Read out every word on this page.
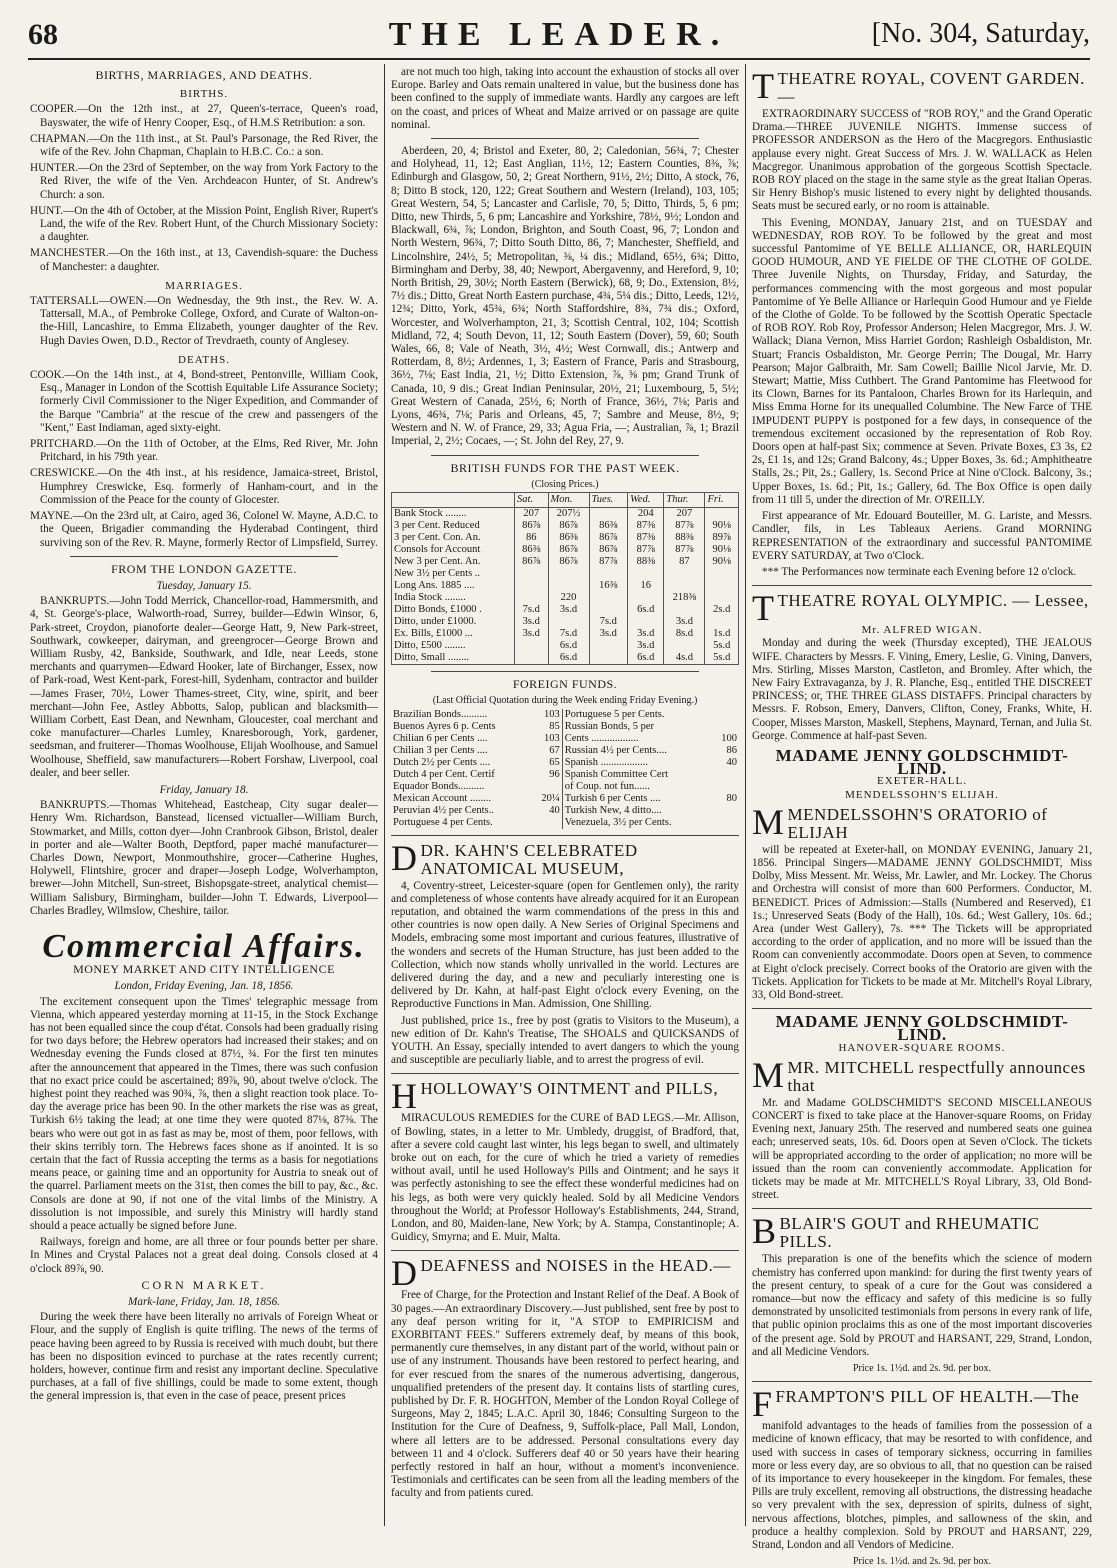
68	THE LEADER.	[No. 304, Saturday,
BIRTHS, MARRIAGES, AND DEATHS.
BIRTHS.

COOPER.—On the 12th inst., at 27, Queen's-terrace, Queen's road, Bayswater, the wife of Henry Cooper, Esq., of H.M.S Retribution: a son.

CHAPMAN.—On the 11th inst., at St. Paul's Parsonage, the Red River, the wife of the Rev. John Chapman, Chaplain to H.B.C. Co.: a son.

HUNTER.—On the 23rd of September, on the way from York Factory to the Red River, the wife of the Ven. Archdeacon Hunter, of St. Andrew's Church: a son.

HUNT.—On the 4th of October, at the Mission Point, English River, Rupert's Land, the wife of the Rev. Robert Hunt, of the Church Missionary Society: a daughter.

MANCHESTER.—On the 16th inst., at 13, Cavendish-square: the Duchess of Manchester: a daughter.

MARRIAGES.

TATTERSALL—OWEN.—On Wednesday, the 9th inst., the Rev. W. A. Tattersall, M.A., of Pembroke College, Oxford, and Curate of Walton-on-the-Hill, Lancashire, to Emma Elizabeth, younger daughter of the Rev. Hugh Davies Owen, D.D., Rector of Trevdraeth, county of Anglesey.

DEATHS.

COOK.—On the 14th inst., at 4, Bond-street, Pentonville, William Cook, Esq., Manager in London of the Scottish Equitable Life Assurance Society; formerly Civil Commissioner to the Niger Expedition, and Commander of the Barque "Cambria" at the rescue of the crew and passengers of the "Kent," East Indiaman, aged sixty-eight.

PRITCHARD.—On the 11th of October, at the Elms, Red River, Mr. John Pritchard, in his 79th year.

CRESWICKE.—On the 4th inst., at his residence, Jamaica-street, Bristol, Humphrey Creswicke, Esq. formerly of Hanham-court, and in the Commission of the Peace for the county of Glocester.

MAYNE.—On the 23rd ult, at Cairo, aged 36, Colonel W. Mayne, A.D.C. to the Queen, Brigadier commanding the Hyderabad Contingent, third surviving son of the Rev. R. Mayne, formerly Rector of Limpsfield, Surrey.

FROM THE LONDON GAZETTE.
Tuesday, January 15.

BANKRUPTS.—John Todd Merrick, Chancellor-road, Hammersmith, and 4, St. George's-place, Walworth-road, Surrey, builder—Edwin Winsor, 6, Park-street, Croydon, pianoforte dealer—George Hatt, 9, New Park-street, Southwark, cowkeeper, dairyman, and greengrocer—George Brown and William Rusby, 42, Bankside, Southwark, and Idle, near Leeds, stone merchants and quarrymen—Edward Hooker, late of Birchanger, Essex, now of Park-road, West Kent-park, Forest-hill, Sydenham, contractor and builder—James Fraser, 70½, Lower Thames-street, City, wine, spirit, and beer merchant—John Fee, Astley Abbotts, Salop, publican and blacksmith—William Corbett, East Dean, and Newnham, Gloucester, coal merchant and coke manufacturer—Charles Lumley, Knaresborough, York, gardener, seedsman, and fruiterer—Thomas Woolhouse, Elijah Woolhouse, and Samuel Woolhouse, Sheffield, saw manufacturers—Robert Forshaw, Liverpool, coal dealer, and beer seller.

Friday, January 18.

BANKRUPTS.—Thomas Whitehead, Eastcheap, City sugar dealer—Henry Wm. Richardson, Banstead, licensed victualler—William Burch, Stowmarket, and Mills, cotton dyer—John Cranbrook Gibson, Bristol, dealer in porter and ale—Walter Booth, Deptford, paper maché manufacturer—Charles Down, Newport, Monmouthshire, grocer—Catherine Hughes, Holywell, Flintshire, grocer and draper—Joseph Lodge, Wolverhampton, brewer—John Mitchell, Sun-street, Bishopsgate-street, analytical chemist—William Salisbury, Birmingham, builder—John T. Edwards, Liverpool—Charles Bradley, Wilmslow, Cheshire, tailor.

Commercial Affairs.
MONEY MARKET AND CITY INTELLIGENCE
London, Friday Evening, Jan. 18, 1856.

The excitement consequent upon the Times' telegraphic message from Vienna, which appeared yesterday morning at 11-15, in the Stock Exchange has not been equalled since the coup d'état. Consols had been gradually rising for two days before; the Hebrew operators had increased their stakes; and on Wednesday evening the Funds closed at 87½, ¾. For the first ten minutes after the announcement that appeared in the Times, there was such confusion that no exact price could be ascertained; 89⅞, 90, about twelve o'clock. The highest point they reached was 90¾, ⅞, then a slight reaction took place. To-day the average price has been 90. In the other markets the rise was as great, Turkish 6½ taking the lead; at one time they were quoted 87⅛, 87⅜. The bears who were out got in as fast as may be, most of them, poor fellows, with their skins terribly torn. The Hebrews faces shone as if anointed. It is so certain that the fact of Russia accepting the terms as a basis for negotiations means peace, or gaining time and an opportunity for Austria to sneak out of the quarrel. Parliament meets on the 31st, then comes the bill to pay, &c., &c. Consols are done at 90, if not one of the vital limbs of the Ministry. A dissolution is not impossible, and surely this Ministry will hardly stand should a peace actually be signed before June.

Railways, foreign and home, are all three or four pounds better per share. In Mines and Crystal Palaces not a great deal doing. Consols closed at 4 o'clock 89⅞, 90.

CORN MARKET.
Mark-lane, Friday, Jan. 18, 1856.

During the week there have been literally no arrivals of Foreign Wheat or Flour, and the supply of English is quite trifling. The news of the terms of peace having been agreed to by Russia is received with much doubt, but there has been no disposition evinced to purchase at the rates recently current; holders, however, continue firm and resist any important decline. Speculative purchases, at a fall of five shillings, could be made to some extent, though the general impression is, that even in the case of peace, present prices

are not much too high, taking into account the exhaustion of stocks all over Europe. Barley and Oats remain unaltered in value, but the business done has been confined to the supply of immediate wants. Hardly any cargoes are left on the coast, and prices of Wheat and Maize arrived or on passage are quite nominal.

Aberdeen, 20, 4; Bristol and Exeter, 80, 2; Caledonian, 56¾, 7; Chester and Holyhead, 11, 12; East Anglian, 11½, 12; Eastern Counties, 8⅜, ⅞; Edinburgh and Glasgow, 50, 2; Great Northern, 91½, 2½; Ditto, A stock, 76, 8; Ditto B stock, 120, 122; Great Southern and Western (Ireland), 103, 105; Great Western, 54, 5; Lancaster and Carlisle, 70, 5; Ditto, Thirds, 5, 6 pm; Ditto, new Thirds, 5, 6 pm; Lancashire and Yorkshire, 78½, 9½; London and Blackwall, 6¾, ⅞; London, Brighton, and South Coast, 96, 7; London and North Western, 96¾, 7; Ditto South Ditto, 86, 7; Manchester, Sheffield, and Lincolnshire, 24½, 5; Metropolitan, ⅜, ¼ dis.; Midland, 65½, 6¾; Ditto, Birmingham and Derby, 38, 40; Newport, Abergavenny, and Hereford, 9, 10; North British, 29, 30½; North Eastern (Berwick), 68, 9; Do., Extension, 8½, 7½ dis.; Ditto, Great North Eastern purchase, 4¾, 5¼ dis.; Ditto, Leeds, 12½, 12¾; Ditto, York, 45¾, 6¾; North Staffordshire, 8¾, 7¾ dis.; Oxford, Worcester, and Wolverhampton, 21, 3; Scottish Central, 102, 104; Scottish Midland, 72, 4; South Devon, 11, 12; South Eastern (Dover), 59, 60; South Wales, 66, 8; Vale of Neath, 3½, 4½; West Cornwall, dis.; Antwerp and Rotterdam, 8, 8½; Ardennes, 1, 3; Eastern of France, Paris and Strasbourg, 36½, 7⅛; East India, 21, ½; Ditto Extension, ⅞, ⅝ pm; Grand Trunk of Canada, 10, 9 dis.; Great Indian Peninsular, 20½, 21; Luxembourg, 5, 5½; Great Western of Canada, 25½, 6; North of France, 36½, 7⅛; Paris and Lyons, 46¾, 7⅛; Paris and Orleans, 45, 7; Sambre and Meuse, 8½, 9; Western and N. W. of France, 29, 33; Agua Fria, —; Australian, ⅞, 1; Brazil Imperial, 2, 2½; Cocaes, —; St. John del Rey, 27, 9.

BRITISH FUNDS FOR THE PAST WEEK.
(Closing Prices.)
	Sat.	Mon.	Tues.	Wed.	Thur.	Fri.
Bank Stock ........	207	207½		204	207	
3 per Cent. Reduced	86⅞	86⅞	86⅜	87⅜	87⅞	90⅛
3 per Cent. Con. An.	86	86⅜	86⅞	87⅜	88⅜	89⅞
Consols for Account	86⅜	86⅞	86⅞	87⅞	87⅞	90⅛
New 3 per Cent. An.	86⅞	86⅞	87⅞	88⅜	87	90⅛
New 3½ per Cents ..						
Long Ans. 1885 ....			16⅜	16		
India Stock ........		220			218⅜	
Ditto Bonds, £1000 .	7s.d	3s.d		6s.d		2s.d
Ditto, under £1000.	3s.d		7s.d		3s.d	
Ex. Bills, £1000 ...	3s.d	7s.d	3s.d	3s.d	8s.d	1s.d
Ditto, £500 ........		6s.d		3s.d		5s.d
Ditto, Small ........		6s.d		6s.d	4s.d	5s.d
FOREIGN FUNDS.
(Last Official Quotation during the Week ending Friday Evening.)
Brazilian Bonds..........	103	Portuguese 5 per Cents.	
Buenos Ayres 6 p. Cents	85	Russian Bonds, 5 per	
Chilian 6 per Cents ....	103	Cents ..................	100
Chilian 3 per Cents ....	67	Russian 4½ per Cents....	86
Dutch 2½ per Cents ....	65	Spanish ..................	40
Dutch 4 per Cent. Certif	96	Spanish Committee Cert	
Equador Bonds..........		of Coup. not fun......	
Mexican Account ........	20¼	Turkish 6 per Cents ....	80
Peruvian 4½ per Cents..	40	Turkish New, 4 ditto....	
Portuguese 4 per Cents.		Venezuela, 3½ per Cents.	
DDR. KAHN'S CELEBRATED ANATOMICAL MUSEUM,

4, Coventry-street, Leicester-square (open for Gentlemen only), the rarity and completeness of whose contents have already acquired for it an European reputation, and obtained the warm commendations of the press in this and other countries is now open daily. A New Series of Original Specimens and Models, embracing some most important and curious features, illustrative of the wonders and secrets of the Human Structure, has just been added to the Collection, which now stands wholly unrivalled in the world. Lectures are delivered during the day, and a new and peculiarly interesting one is delivered by Dr. Kahn, at half-past Eight o'clock every Evening, on the Reproductive Functions in Man. Admission, One Shilling.

Just published, price 1s., free by post (gratis to Visitors to the Museum), a new edition of Dr. Kahn's Treatise, The SHOALS and QUICKSANDS of YOUTH. An Essay, specially intended to avert dangers to which the young and susceptible are peculiarly liable, and to arrest the progress of evil.

HHOLLOWAY'S OINTMENT and PILLS,

MIRACULOUS REMEDIES for the CURE of BAD LEGS.—Mr. Allison, of Bowling, states, in a letter to Mr. Umbledy, druggist, of Bradford, that, after a severe cold caught last winter, his legs began to swell, and ultimately broke out on each, for the cure of which he tried a variety of remedies without avail, until he used Holloway's Pills and Ointment; and he says it was perfectly astonishing to see the effect these wonderful medicines had on his legs, as both were very quickly healed. Sold by all Medicine Vendors throughout the World; at Professor Holloway's Establishments, 244, Strand, London, and 80, Maiden-lane, New York; by A. Stampa, Constantinople; A. Guidicy, Smyrna; and E. Muir, Malta.

DDEAFNESS and NOISES in the HEAD.—

Free of Charge, for the Protection and Instant Relief of the Deaf. A Book of 30 pages.—An extraordinary Discovery.—Just published, sent free by post to any deaf person writing for it, "A STOP to EMPIRICISM and EXORBITANT FEES." Sufferers extremely deaf, by means of this book, permanently cure themselves, in any distant part of the world, without pain or use of any instrument. Thousands have been restored to perfect hearing, and for ever rescued from the snares of the numerous advertising, dangerous, unqualified pretenders of the present day. It contains lists of startling cures, published by Dr. F. R. HOGHTON, Member of the London Royal College of Surgeons, May 2, 1845; L.A.C. April 30, 1846; Consulting Surgeon to the Institution for the Cure of Deafness, 9, Suffolk-place, Pall Mall, London, where all letters are to be addressed. Personal consultations every day between 11 and 4 o'clock. Sufferers deaf 40 or 50 years have their hearing perfectly restored in half an hour, without a moment's inconvenience. Testimonials and certificates can be seen from all the leading members of the faculty and from patients cured.

TTHEATRE ROYAL, COVENT GARDEN.—

EXTRAORDINARY SUCCESS of "ROB ROY," and the Grand Operatic Drama.—THREE JUVENILE NIGHTS. Immense success of PROFESSOR ANDERSON as the Hero of the Macgregors. Enthusiastic applause every night. Great Success of Mrs. J. W. WALLACK as Helen Macgregor. Unanimous approbation of the gorgeous Scottish Spectacle. ROB ROY placed on the stage in the same style as the great Italian Operas. Sir Henry Bishop's music listened to every night by delighted thousands. Seats must be secured early, or no room is attainable.

This Evening, MONDAY, January 21st, and on TUESDAY and WEDNESDAY, ROB ROY. To be followed by the great and most successful Pantomime of YE BELLE ALLIANCE, OR, HARLEQUIN GOOD HUMOUR, AND YE FIELDE OF THE CLOTHE OF GOLDE. Three Juvenile Nights, on Thursday, Friday, and Saturday, the performances commencing with the most gorgeous and most popular Pantomime of Ye Belle Alliance or Harlequin Good Humour and ye Fielde of the Clothe of Golde. To be followed by the Scottish Operatic Spectacle of ROB ROY. Rob Roy, Professor Anderson; Helen Macgregor, Mrs. J. W. Wallack; Diana Vernon, Miss Harriet Gordon; Rashleigh Osbaldiston, Mr. Stuart; Francis Osbaldiston, Mr. George Perrin; The Dougal, Mr. Harry Pearson; Major Galbraith, Mr. Sam Cowell; Baillie Nicol Jarvie, Mr. D. Stewart; Mattie, Miss Cuthbert. The Grand Pantomime has Fleetwood for its Clown, Barnes for its Pantaloon, Charles Brown for its Harlequin, and Miss Emma Horne for its unequalled Columbine. The New Farce of THE IMPUDENT PUPPY is postponed for a few days, in consequence of the tremendous excitement occasioned by the representation of Rob Roy. Doors open at half-past Six; commence at Seven. Private Boxes, £3 3s, £2 2s, £1 1s, and 12s; Grand Balcony, 4s.; Upper Boxes, 3s. 6d.; Amphitheatre Stalls, 2s.; Pit, 2s.; Gallery, 1s. Second Price at Nine o'Clock. Balcony, 3s.; Upper Boxes, 1s. 6d.; Pit, 1s.; Gallery, 6d. The Box Office is open daily from 11 till 5, under the direction of Mr. O'REILLY.

First appearance of Mr. Edouard Bouteiller, M. G. Lariste, and Messrs. Candler, fils, in Les Tableaux Aeriens. Grand MORNING REPRESENTATION of the extraordinary and successful PANTOMIME EVERY SATURDAY, at Two o'Clock.

*** The Performances now terminate each Evening before 12 o'clock.

TTHEATRE ROYAL OLYMPIC. — Lessee,
Mr. ALFRED WIGAN.

Monday and during the week (Thursday excepted), THE JEALOUS WIFE. Characters by Messrs. F. Vining, Emery, Leslie, G. Vining, Danvers, Mrs. Stirling, Misses Marston, Castleton, and Bromley. After which, the New Fairy Extravaganza, by J. R. Planche, Esq., entitled THE DISCREET PRINCESS; or, THE THREE GLASS DISTAFFS. Principal characters by Messrs. F. Robson, Emery, Danvers, Clifton, Coney, Franks, White, H. Cooper, Misses Marston, Maskell, Stephens, Maynard, Ternan, and Julia St. George. Commence at half-past Seven.

MADAME JENNY GOLDSCHMIDT-LIND.
EXETER-HALL.
MENDELSSOHN'S ELIJAH.
MMENDELSSOHN'S ORATORIO of ELIJAH

will be repeated at Exeter-hall, on MONDAY EVENING, January 21, 1856. Principal Singers—MADAME JENNY GOLDSCHMIDT, Miss Dolby, Miss Messent. Mr. Weiss, Mr. Lawler, and Mr. Lockey. The Chorus and Orchestra will consist of more than 600 Performers. Conductor, M. BENEDICT. Prices of Admission:—Stalls (Numbered and Reserved), £1 1s.; Unreserved Seats (Body of the Hall), 10s. 6d.; West Gallery, 10s. 6d.; Area (under West Gallery), 7s. *** The Tickets will be appropriated according to the order of application, and no more will be issued than the Room can conveniently accommodate. Doors open at Seven, to commence at Eight o'clock precisely. Correct books of the Oratorio are given with the Tickets. Application for Tickets to be made at Mr. Mitchell's Royal Library, 33, Old Bond-street.

MADAME JENNY GOLDSCHMIDT-LIND.
HANOVER-SQUARE ROOMS.
MMR. MITCHELL respectfully announces that

Mr. and Madame GOLDSCHMIDT'S SECOND MISCELLANEOUS CONCERT is fixed to take place at the Hanover-square Rooms, on Friday Evening next, January 25th. The reserved and numbered seats one guinea each; unreserved seats, 10s. 6d. Doors open at Seven o'Clock. The tickets will be appropriated according to the order of application; no more will be issued than the room can conveniently accommodate. Application for tickets may be made at Mr. MITCHELL'S Royal Library, 33, Old Bond-street.

BBLAIR'S GOUT and RHEUMATIC PILLS.

This preparation is one of the benefits which the science of modern chemistry has conferred upon mankind: for during the first twenty years of the present century, to speak of a cure for the Gout was considered a romance—but now the efficacy and safety of this medicine is so fully demonstrated by unsolicited testimonials from persons in every rank of life, that public opinion proclaims this as one of the most important discoveries of the present age. Sold by PROUT and HARSANT, 229, Strand, London, and all Medicine Vendors.

Price 1s. 1½d. and 2s. 9d. per box.
FFRAMPTON'S PILL OF HEALTH.—The

manifold advantages to the heads of families from the possession of a medicine of known efficacy, that may be resorted to with confidence, and used with success in cases of temporary sickness, occurring in families more or less every day, are so obvious to all, that no question can be raised of its importance to every housekeeper in the kingdom. For females, these Pills are truly excellent, removing all obstructions, the distressing headache so very prevalent with the sex, depression of spirits, dulness of sight, nervous affections, blotches, pimples, and sallowness of the skin, and produce a healthy complexion. Sold by PROUT and HARSANT, 229, Strand, London and all Vendors of Medicine.

Price 1s. 1½d. and 2s. 9d. per box.
